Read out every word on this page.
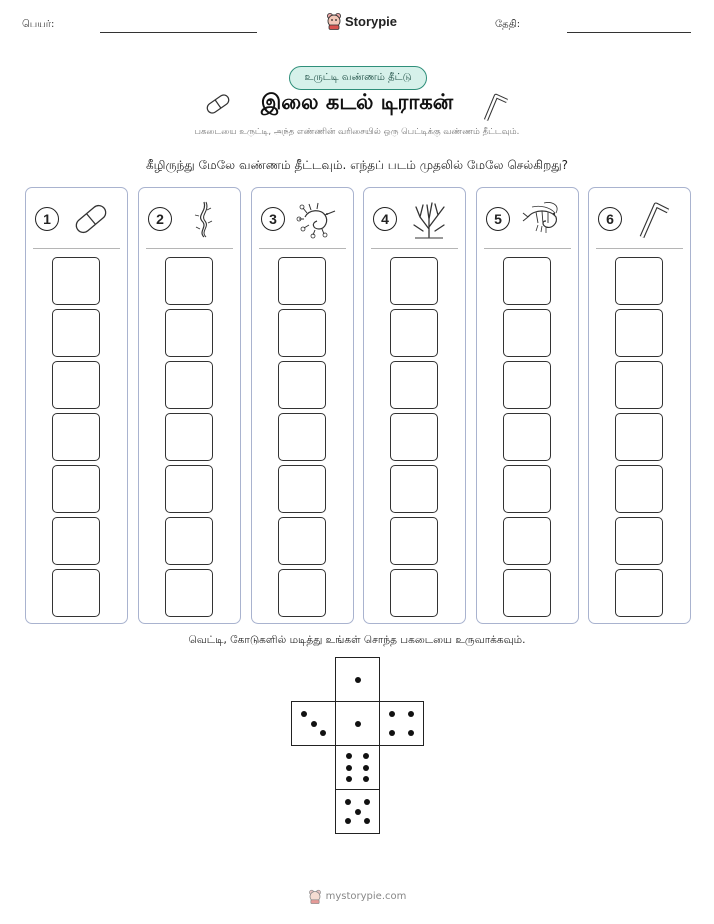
பெயர்:	Storypie	தேதி:
உருட்டி வண்ணம் தீட்டு
இலை கடல் டிராகன்
பகடையை உருட்டி, அந்த எண்ணின் வரிசையில் ஒரு பெட்டிக்கு வண்ணம் தீட்டவும்.
கீழிருந்து மேலே வண்ணம் தீட்டவும். எந்தப் படம் முதலில் மேலே செல்கிறது?
1	2	3	4	5	6
வெட்டி, கோடுகளில் மடித்து உங்கள் சொந்த பகடையை உருவாக்கவும்.
mystorypie.com
